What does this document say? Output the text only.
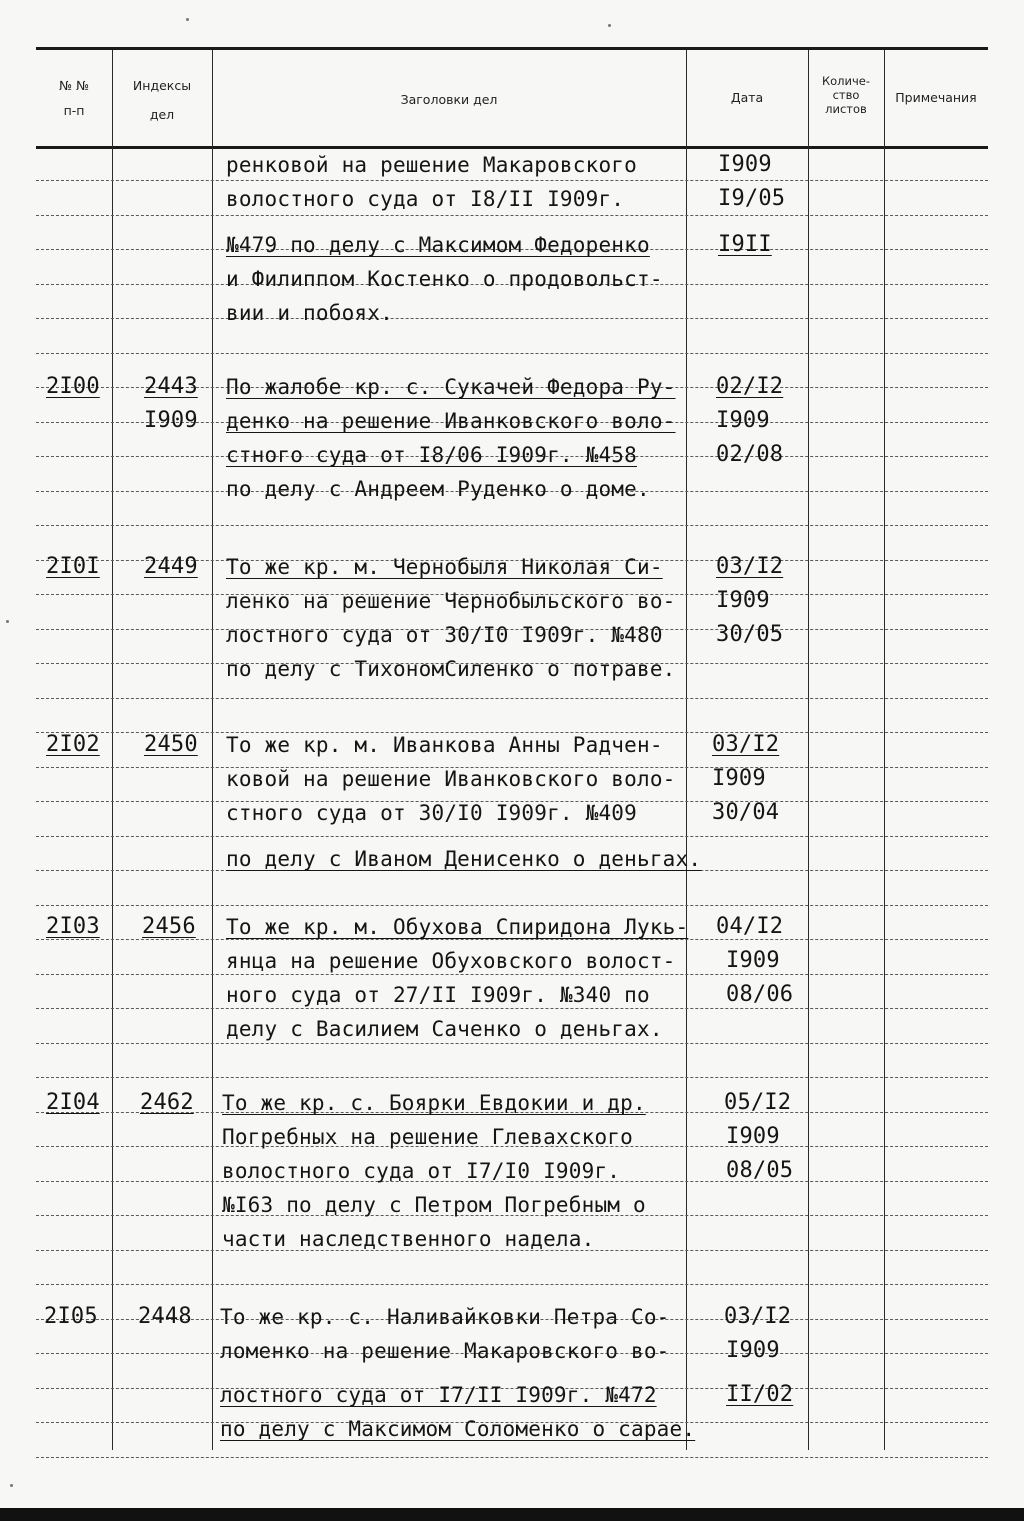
№ №
п-п
Индексы
дел
Заголовки дел	Дата
Количе-
ство
листов
Примечания
ренковой на решение Макаровского
волостного суда от I8/II I909г.
№479 по делу с Максимом Федоренко
и Филиппом Костенко о продовольст-
вии и побоях.
I909
I9/05
I9II
2I00 2443
I909
По жалобе кр. с. Сукачей Федора Ру-
денко на решение Иванковского воло-
стного суда от I8/06 I909г. №458
по делу с Андреем Руденко о доме.
02/I2
I909
02/08
2I0I 2449 То же кр. м. Чернобыля Николая Си-
ленко на решение Чернобыльского во-
лостного суда от 30/I0 I909г. №480
по делу с ТихономСиленко о потраве.
03/I2
I909
30/05
2I02 2450 То же кр. м. Иванкова Анны Радчен-
ковой на решение Иванковского воло-
стного суда от 30/I0 I909г. №409
по делу с Иваном Денисенко о деньгах.
03/I2
I909
30/04
2I03 2456 То же кр. м. Обухова Спиридона Лукь-
янца на решение Обуховского волост-
ного суда от 27/II I909г. №340 по
делу с Василием Саченко о деньгах.
04/I2
I909
08/06
2I04 2462 То же кр. с. Боярки Евдокии и др.
Погребных на решение Глевахского
волостного суда от I7/I0 I909г.
№I63 по делу с Петром Погребным о
части наследственного надела.
05/I2
I909
08/05
2I05 2448 То же кр. с. Наливайковки Петра Со-
ломенко на решение Макаровского во-
лостного суда от I7/II I909г. №472
по делу с Максимом Соломенко о сарае.
03/I2
I909
II/02
